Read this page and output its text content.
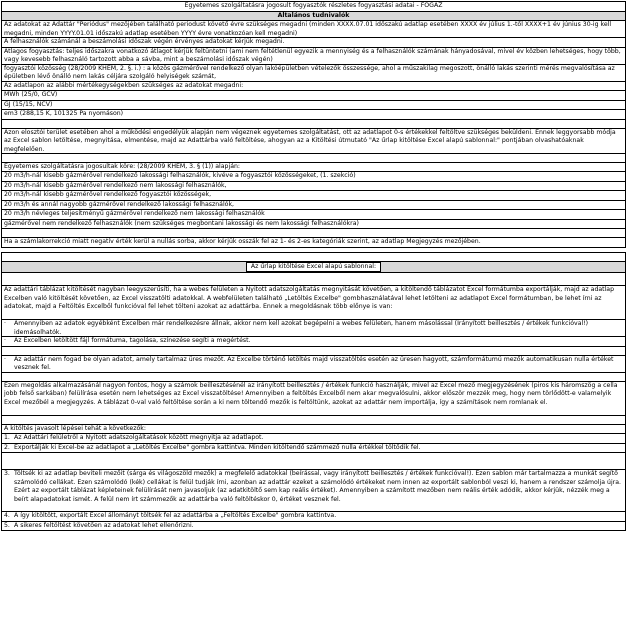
Egyetemes szolgáltatásra jogosult fogyasztók részletes fogyasztási adatai - FÖGÁZ
Általános tudnivalók
Az adatokat az Adattár "Periódus" mezőjében található periodust követő évre szükséges megadni (minden XXXX.07.01 időszakú adatlap esetében XXXX év július 1.-től XXXX+1 év június 30-ig kell megadni, minden YYYY.01.01 időszakú adatlap esetében YYYY évre vonatkozóan kell megadni)
A felhasználók számánál a beszámolási időszak végén érvényes adatokat kérjük megadni.
Átlagos fogyasztás: teljes időszakra vonatkozó átlagot kérjük feltüntetni (ami nem feltétlenül egyezik a mennyiség és a felhasználók számának hányadosával, mivel év közben lehetséges, hogy több, vagy kevesebb felhasználó tartozott abba a sávba, mint a beszámolási időszak végén)
fogyasztói közösség (28/2009 KHEM, 2. §. i.) : a közös gázmérővel rendelkező olyan lakóépületben vételezők összessége, ahol a műszakilag megoszott, önálló lakás szerinti mérés megvalósítása az épületben lévő önálló nem lakás céljára szolgáló helyiségek számát,
Az adatlapon az alábbi mértékegységekben szükséges az adatokat megadni:
MWh (25/0, GCV)
GJ (15/15, NCV)
em3 (288,15 K, 101325 Pa nyomáson)
Azon elosztói terület esetében ahol a működési engedélyük alapján nem végeznek egyetemes szolgáltatást, ott az adatlapot 0-s értékekkel feltöltve szükséges beküldeni. Ennek leggyorsabb módja az Excel sablon letöltése, megnyitása, elmentése, majd az Adattárba való feltöltése, ahogyan az a Kitöltési útmutató "Az űrlap kitöltése Excel alapú sablonnal:" pontjában olvashatóaknak megfelelően.
Egyetemes szolgáltatásra jogosultak köre: (28/2009 KHEM, 3. § (1)) alapján:
20 m3/h-nál kisebb gázmérővel rendelkező lakossági felhasználók, kivéve a fogyasztói közösségeket, (1. szekció)
20 m3/h-nál kisebb gázmérővel rendelkező nem lakossági felhasználók,
20 m3/h-nál kisebb gázmérővel rendelkező fogyasztói közösségek,
20 m3/h és annál nagyobb gázmérővel rendelkező lakossági felhasználók,
20 m3/h névleges teljesítményű gázmérővel rendelkező nem lakossági felhasználók
gázmérővel nem rendelkező felhasználók (nem szükséges megbontani lakossági és nem lakossági felhasználókra)
Ha a számlakorrekció miatt negatív érték kerül a nullás sorba, akkor kérjük osszák fel az 1- és 2-es kategóriák szerint, az adatlap Megjegyzés mezőjében.
Az űrlap kitöltése Excel alapú sablonnal:
Az adattári táblázat kitöltését nagyban leegyszerűsíti, ha a webes felületen a Nyitott adatszolgáltatás megnyitását követően, a kitöltendő táblázatot Excel formátumba exportálják, majd az adatlap Excelben való kitöltését követően, az Excel visszatölti adatokkal. A webfelületen található „Letöltés Excelbe" gombhasználatával lehet letölteni az adatlapot Excel formátumban, be lehet írni az adatokat, majd a Feltöltés Excelből funkcióval fel lehet tölteni azokat az adattárba. Ennek a megoldásnak több előnye is van:
·	Amennyiben az adatok egyébként Excelben már rendelkezésre állnak, akkor nem kell azokat begépelni a webes felületen, hanem másolással (Irányított beillesztés / értékek funkcióval!) idemásolhatók.
·	Az Excelben letöltött fájl formátuma, tagolása, színezése segíti a megértést.
·	Az adattár nem fogad be olyan adatot, amely tartalmaz üres mezőt. Az Excelbe történő letöltés majd visszatöltés esetén az üresen hagyott, számformátumú mezők automatikusan nulla értéket vesznek fel.
Ezen megoldás alkalmazásánál nagyon fontos, hogy a számok beillesztésénél az irányított beillesztés / értékek funkció használják, mivel az Excel mező megjegyzésének (piros kis háromszög a cella jobb felső sarkában) felülírása esetén nem lehetséges az Excel visszatöltése! Amennyiben a feltöltés Excelből nem akar megvalósulni, akkor először mezzék meg, hogy nem törlődött-e valamelyik Excel mezőbél a megjegyzés. A táblázat 0-val való feltöltése során a ki nem töltendő mezők is feltöltünk, azokat az adattár nem importálja, így a számítások nem romlanak el.
A kitöltés javasolt lépései tehát a következők:
1. Az Adattári felületről a Nyitott adatszolgáltatások között megnyitja az adatlapot.
2. Exportálják ki Excel-be az adatlapot a „Letöltés Excelbe" gombra kattintva. Minden kitöltendő számmező nulla értékkel töltődik fel.
3. Töltsék ki az adatlap beviteli mezőit (sárga és világoszöld mezők) a megfelelő adatokkal (beírással, vagy irányított beillesztés / értékek funkcióval!). Ezen sablon már tartalmazza a munkát segítő számolódó cellákat. Ezen számolódó (kék) cellákat is felül tudják írni, azonban az adattár ezeket a számolódó értékeket nem innen az exportált sablonból veszi ki, hanem a rendszer számolja újra. Ezért az exportált táblázat képleteinek felülírását nem javasoljuk (az adatkitöltő sem kap reális értéket). Amennyiben a számított mezőben nem reális érték adódik, akkor kérjük, nézzék meg a beírt alapadatokat ismét. A felül nem írt számmezők az adattárba való feltöltéskor 0, értéket vesznek fel.
4. A így kitöltött, exportált Excel állományt töltsék fel az adattárba a „Feltöltés Excelbe" gombra kattintva.
5. A sikeres feltöltést követően az adatokat lehet ellenőrizni.
